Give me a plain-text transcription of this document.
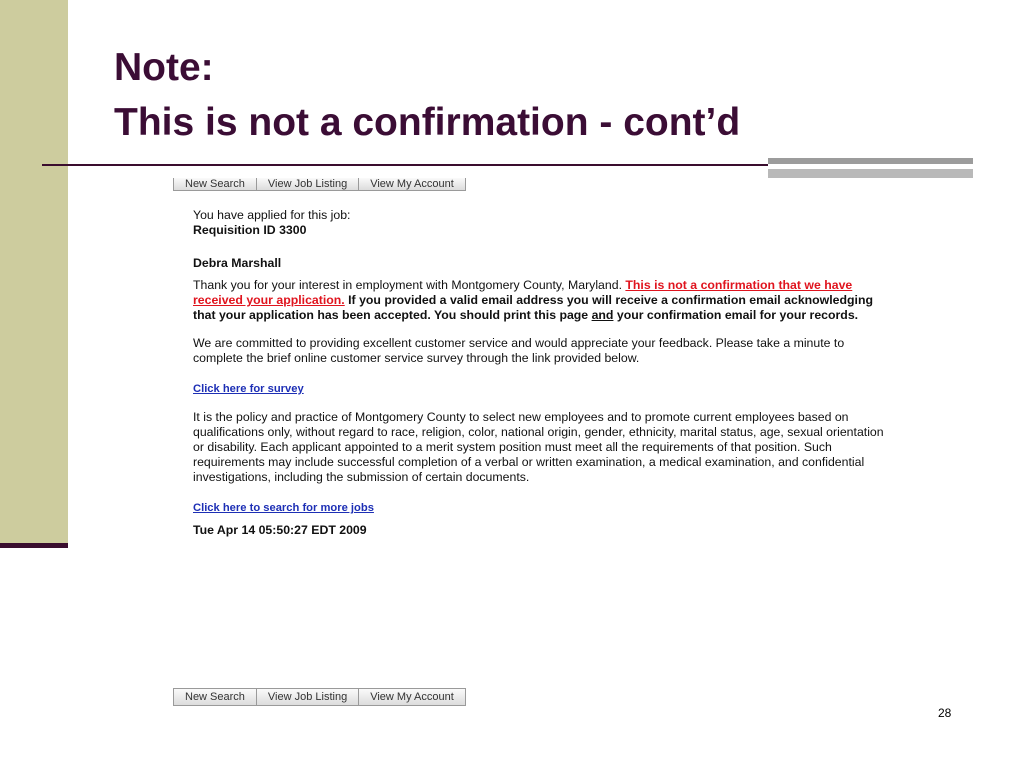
Note:
This is not a confirmation - cont’d
New Search	View Job Listing	View My Account

You have applied for this job:

Requisition ID 3300

Debra Marshall

Thank you for your interest in employment with Montgomery County, Maryland. This is not a confirmation that we have received your application. If you provided a valid email address you will receive a confirmation email acknowledging that your application has been accepted. You should print this page and your confirmation email for your records.

We are committed to providing excellent customer service and would appreciate your feedback. Please take a minute to complete the brief online customer service survey through the link provided below.

Click here for survey

It is the policy and practice of Montgomery County to select new employees and to promote current employees based on qualifications only, without regard to race, religion, color, national origin, gender, ethnicity, marital status, age, sexual orientation or disability. Each applicant appointed to a merit system position must meet all the requirements of that position. Such requirements may include successful completion of a verbal or written examination, a medical examination, and confidential investigations, including the submission of certain documents.

Click here to search for more jobs

Tue Apr 14 05:50:27 EDT 2009

New Search	View Job Listing	View My Account
28
